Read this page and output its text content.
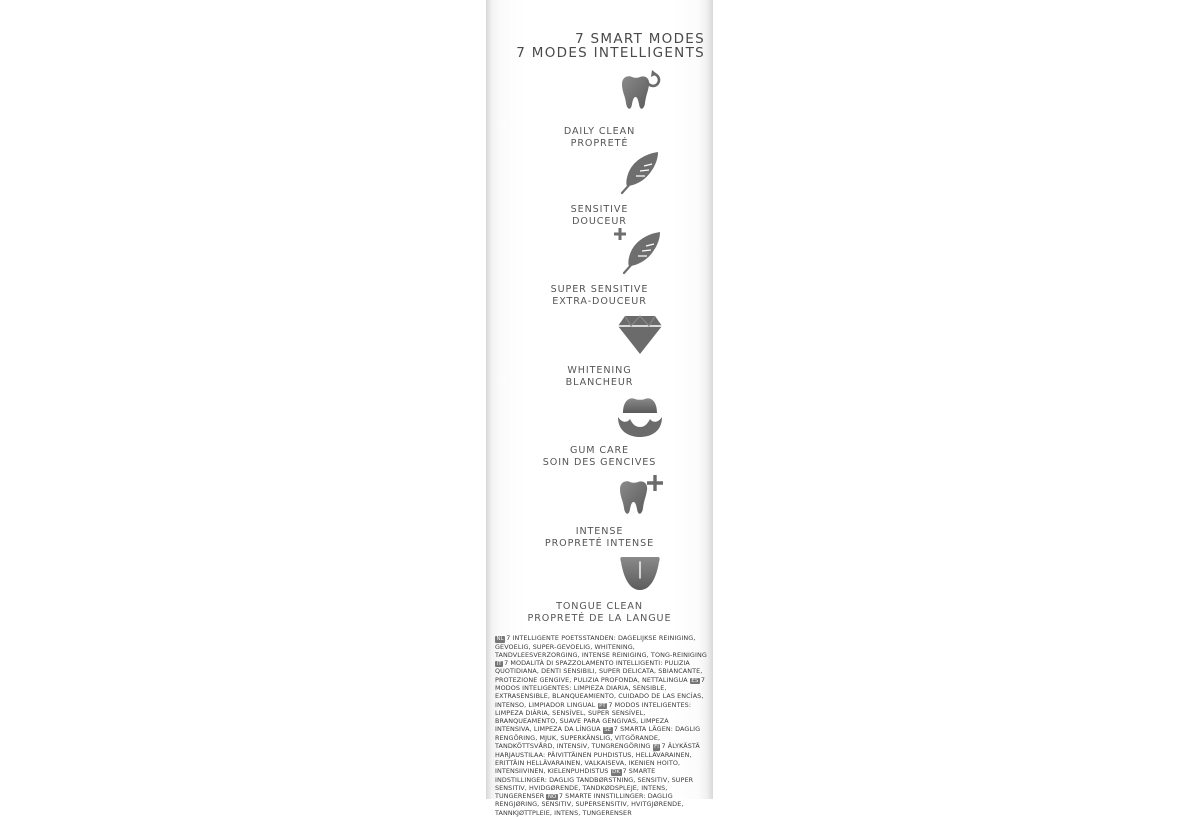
7 SMART MODES
7 MODES INTELLIGENTS
DAILY CLEAN
PROPRETÉ
SENSITIVE
DOUCEUR
SUPER SENSITIVE
EXTRA-DOUCEUR
WHITENING
BLANCHEUR
GUM CARE
SOIN DES GENCIVES
INTENSE
PROPRETÉ INTENSE
TONGUE CLEAN
PROPRETÉ DE LA LANGUE
NL 7 INTELLIGENTE POETSSTANDEN: DAGELIJKSE REINIGING, GEVOELIG, SUPER-GEVOELIG, WHITENING, TANDVLEESVERZORGING, INTENSE REINIGING, TONG-REINIGING IT 7 MODALITÀ DI SPAZZOLAMENTO INTELLIGENTI: PULIZIA QUOTIDIANA, DENTI SENSIBILI, SUPER DELICATA, SBIANCANTE, PROTEZIONE GENGIVE, PULIZIA PROFONDA, NETTALINGUA ES 7 MODOS INTELIGENTES: LIMPIEZA DIARIA, SENSIBLE, EXTRASENSIBLE, BLANQUEAMIENTO, CUIDADO DE LAS ENCÍAS, INTENSO, LIMPIADOR LINGUAL PT 7 MODOS INTELIGENTES: LIMPEZA DIÁRIA, SENSÍVEL, SUPER SENSÍVEL, BRANQUEAMENTO, SUAVE PARA GENGIVAS, LIMPEZA INTENSIVA, LIMPEZA DA LÍNGUA SE 7 SMARTA LÄGEN: DAGLIG RENGÖRING, MJUK, SUPERKÄNSLIG, VITGÖRANDE, TANDKÖTTSVÅRD, INTENSIV, TUNGRENGÖRING FI 7 ÄLYKÄSTÄ HARJAUSTILAA: PÄIVITTÄINEN PUHDISTUS, HELLÄVARAINEN, ERITTÄIN HELLÄVARAINEN, VALKAISEVA, IKENIEN HOITO, INTENSIIVINEN, KIELENPUHDISTUS DK 7 SMARTE INDSTILLINGER: DAGLIG TANDBØRSTNING, SENSITIV, SUPER SENSITIV, HVIDGØRENDE, TANDKØDSPLEJE, INTENS, TUNGERENSER NO 7 SMARTE INNSTILLINGER: DAGLIG RENGJØRING, SENSITIV, SUPERSENSITIV, HVITGJØRENDE, TANNKJØTTPLEIE, INTENS, TUNGERENSER
